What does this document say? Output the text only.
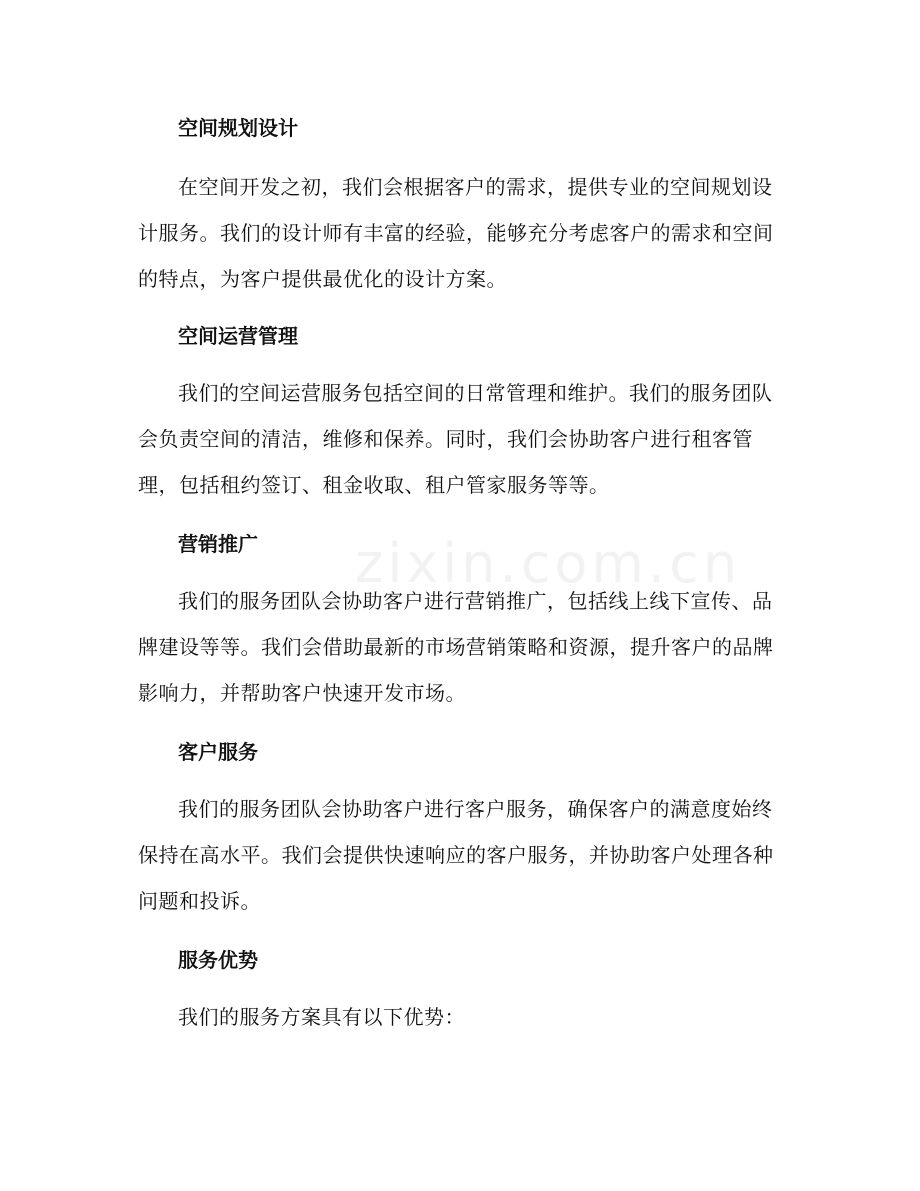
zixin.com.cn
空间规划设计

在空间开发之初，我们会根据客户的需求，提供专业的空间规划设计服务。我们的设计师有丰富的经验，能够充分考虑客户的需求和空间的特点，为客户提供最优化的设计方案。

空间运营管理

我们的空间运营服务包括空间的日常管理和维护。我们的服务团队会负责空间的清洁，维修和保养。同时，我们会协助客户进行租客管理，包括租约签订、租金收取、租户管家服务等等。

营销推广

我们的服务团队会协助客户进行营销推广，包括线上线下宣传、品牌建设等等。我们会借助最新的市场营销策略和资源，提升客户的品牌影响力，并帮助客户快速开发市场。

客户服务

我们的服务团队会协助客户进行客户服务，确保客户的满意度始终保持在高水平。我们会提供快速响应的客户服务，并协助客户处理各种问题和投诉。

服务优势

我们的服务方案具有以下优势：
